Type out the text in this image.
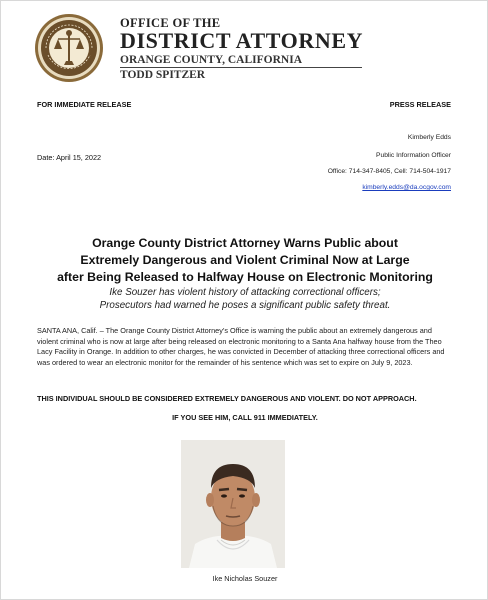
OFFICE OF THE
DISTRICT ATTORNEY
ORANGE COUNTY, CALIFORNIA
TODD SPITZER
FOR IMMEDIATE RELEASE	PRESS RELEASE
Kimberly Edds
Public Information Officer
Office: 714-347-8405, Cell: 714-504-1917
kimberly.edds@da.ocgov.com
Date: April 15, 2022
Orange County District Attorney Warns Public about
Extremely Dangerous and Violent Criminal Now at Large
after Being Released to Halfway House on Electronic Monitoring
Ike Souzer has violent history of attacking correctional officers;
Prosecutors had warned he poses a significant public safety threat.
SANTA ANA, Calif. – The Orange County District Attorney’s Office is warning the public about an extremely dangerous and violent criminal who is now at large after being released on electronic monitoring to a Santa Ana halfway house from the Theo Lacy Facility in Orange. In addition to other charges, he was convicted in December of attacking three correctional officers and was ordered to wear an electronic monitor for the remainder of his sentence which was set to expire on July 9, 2023.
THIS INDIVIDUAL SHOULD BE CONSIDERED EXTREMELY DANGEROUS AND VIOLENT. DO NOT APPROACH.
IF YOU SEE HIM, CALL 911 IMMEDIATELY.
Ike Nicholas Souzer
